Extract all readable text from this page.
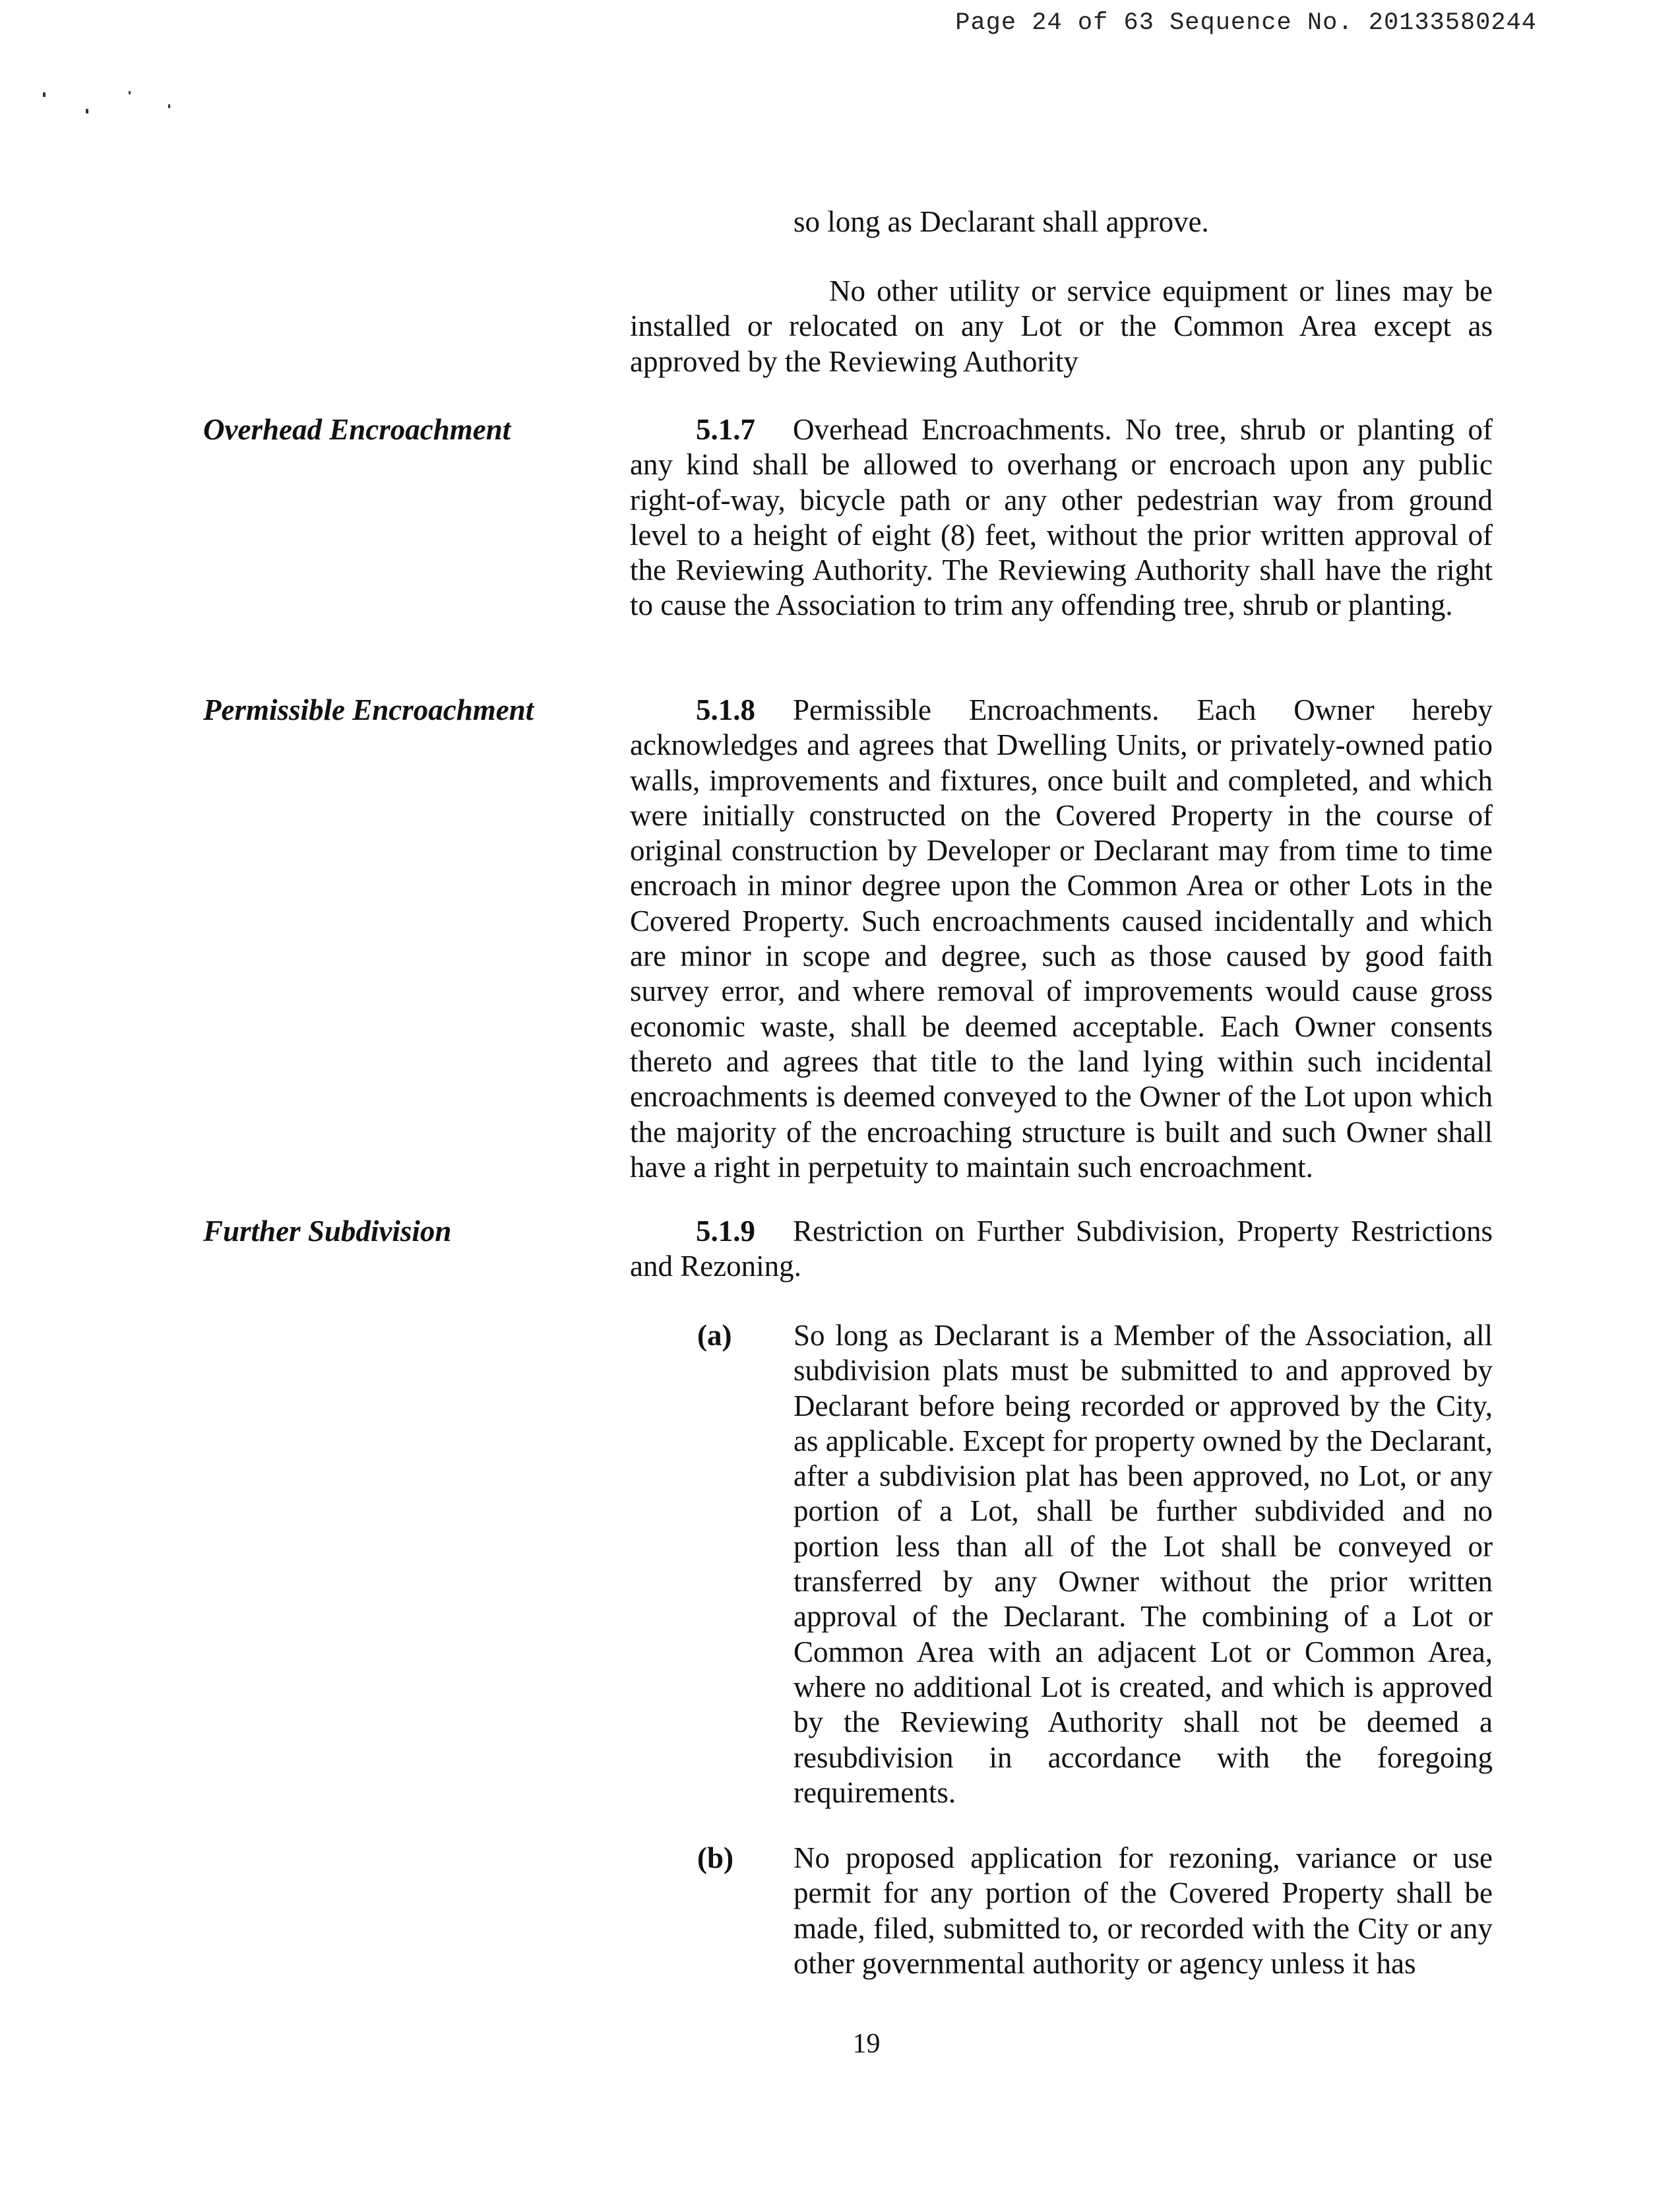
Page 24 of 63 Sequence No. 20133580244
so long as Declarant shall approve.
No other utility or service equipment or lines may be installed or relocated on any Lot or the Common Area except as approved by the Reviewing Authority
Overhead Encroachment	5.1.7 Overhead Encroachments. No tree, shrub or planting of any kind shall be allowed to overhang or encroach upon any public right-of-way, bicycle path or any other pedestrian way from ground level to a height of eight (8) feet, without the prior written approval of the Reviewing Authority. The Reviewing Authority shall have the right to cause the Association to trim any offending tree, shrub or planting.
Permissible Encroachment	5.1.8 Permissible Encroachments. Each Owner hereby acknowledges and agrees that Dwelling Units, or privately-owned patio walls, improvements and fixtures, once built and completed, and which were initially constructed on the Covered Property in the course of original construction by Developer or Declarant may from time to time encroach in minor degree upon the Common Area or other Lots in the Covered Property. Such encroachments caused incidentally and which are minor in scope and degree, such as those caused by good faith survey error, and where removal of improvements would cause gross economic waste, shall be deemed acceptable. Each Owner consents thereto and agrees that title to the land lying within such incidental encroachments is deemed conveyed to the Owner of the Lot upon which the majority of the encroaching structure is built and such Owner shall have a right in perpetuity to maintain such encroachment.
Further Subdivision	5.1.9 Restriction on Further Subdivision, Property Restrictions and Rezoning.
(a) So long as Declarant is a Member of the Association, all subdivision plats must be submitted to and approved by Declarant before being recorded or approved by the City, as applicable. Except for property owned by the Declarant, after a subdivision plat has been approved, no Lot, or any portion of a Lot, shall be further subdivided and no portion less than all of the Lot shall be conveyed or transferred by any Owner without the prior written approval of the Declarant. The combining of a Lot or Common Area with an adjacent Lot or Common Area, where no additional Lot is created, and which is approved by the Reviewing Authority shall not be deemed a resubdivision in accordance with the foregoing requirements.
(b) No proposed application for rezoning, variance or use permit for any portion of the Covered Property shall be made, filed, submitted to, or recorded with the City or any other governmental authority or agency unless it has
19
